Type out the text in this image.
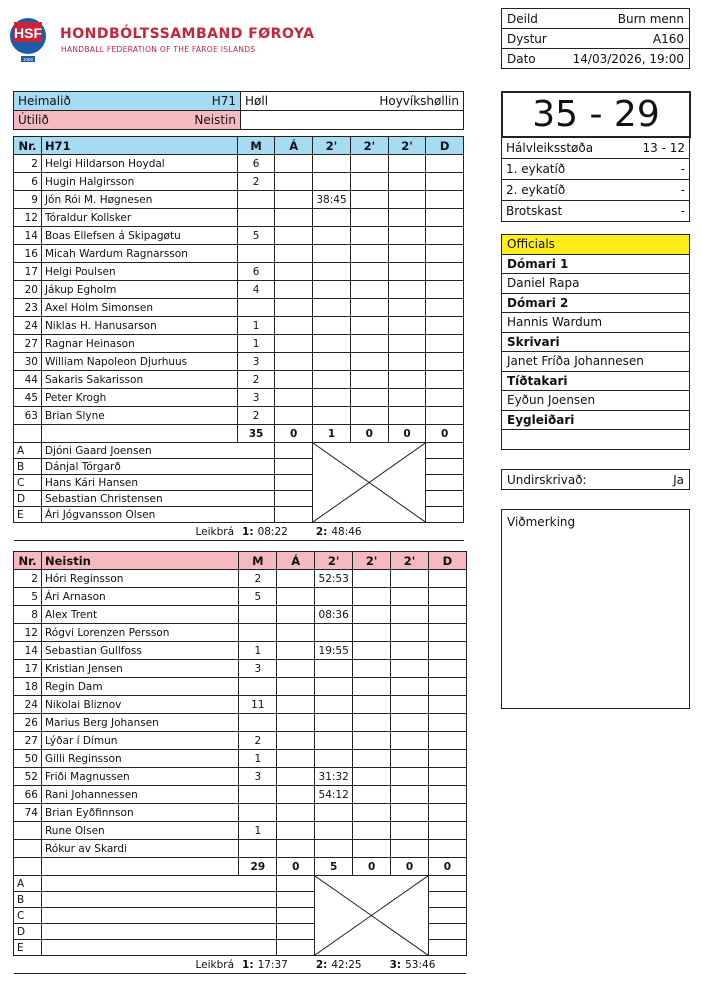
HSF
1000
HONDBÓLTSSAMBAND FØROYA
HANDBALL FEDERATION OF THE FAROE ISLANDS
Deild	Burn menn
Dystur	A160
Dato	14/03/2026, 19:00
Heimalið H71	Høll Hoyvíkshøllin

Útilið Neistin	
		35 - 29
Hálvleiksstøða	13 - 12
1. eykatíð	-
2. eykatíð	-
Brotskast	-
Nr.	H71	M	Á	2'	2'	2'	D
2	Helgi Hildarson Hoydal	6					
6	Hugin Halgirsson	2					
9	Jón Rói M. Høgnesen			38:45			
12	Tóraldur Kollsker						
14	Boas Ellefsen á Skipagøtu	5					
16	Micah Wardum Ragnarsson						
17	Helgi Poulsen	6					
20	Jákup Egholm	4					
23	Axel Holm Simonsen						
24	Niklas H. Hanusarson	1					
27	Ragnar Heinason	1					
30	William Napoleon Djurhuus	3					
44	Sakaris Sakarisson	2					
45	Peter Krogh	3					
63	Brian Slyne	2					
		35	0	1	0	0	0
A	Djóni Gaard Joensen		

B	Dánjal Tórgarð						
C	Hans Kári Hansen						
D	Sebastian Christensen						
E	Ári Jógvansson Olsen						
Leikbrá 1: 08:22 2: 48:46							
Nr.	Neistin	M	Á	2'	2'	2'	D
2	Hóri Reginsson	2		52:53			
5	Ári Arnason	5					
8	Alex Trent			08:36			
12	Rógvi Lorenzen Persson						
14	Sebastian Gullfoss	1		19:55			
17	Kristian Jensen	3					
18	Regin Dam						
24	Nikolai Bliznov	11					
26	Marius Berg Johansen						
27	Lýðar í Dímun	2					
50	Gilli Reginsson	1					
52	Friði Magnussen	3		31:32			
66	Rani Johannessen			54:12			
74	Brian Eyðfinnson						
	Rune Olsen	1					
	Rókur av Skardi						
		29	0	5	0	0	0
A			

B							
C							
D							
E							
Leikbrá 1: 17:37 2: 42:25 3: 53:46							
Officials
Dómari 1
Daniel Rapa
Dómari 2
Hannis Wardum
Skrivari
Janet Fríða Johannesen
Tíðtakari
Eyðun Joensen
Eygleiðari

Undirskrivað:	Ja
Viðmerking
